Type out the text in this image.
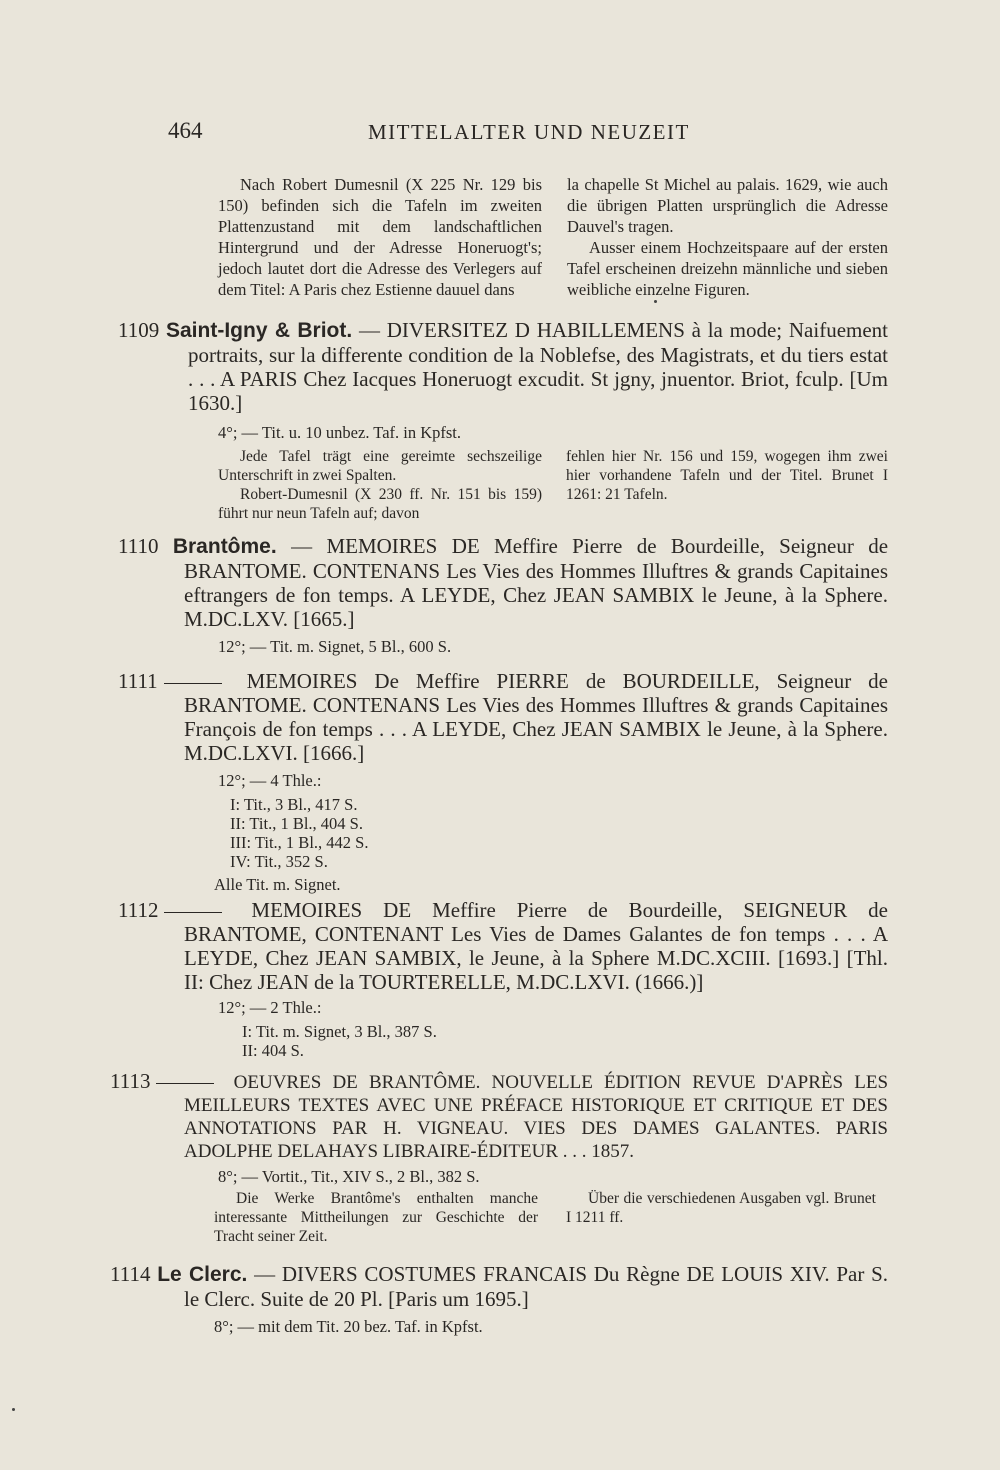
464	MITTELALTER UND NEUZEIT

Nach Robert Dumesnil (X 225 Nr. 129 bis 150) befinden sich die Tafeln im zweiten Plattenzustand mit dem landschaftlichen Hintergrund und der Adresse Honeruogt's; jedoch lautet dort die Adresse des Verlegers auf dem Titel: A Paris chez Estienne dauuel dans

la chapelle St Michel au palais. 1629, wie auch die übrigen Platten ursprünglich die Adresse Dauvel's tragen.

Ausser einem Hochzeitspaare auf der ersten Tafel erscheinen dreizehn männliche und sieben weibliche einzelne Figuren.

1109 Saint-Igny & Briot. — DIVERSITEZ D HABILLEMENS à la mode; Naifuement portraits, sur la differente condition de la Noblefse, des Magistrats, et du tiers estat . . . A PARIS Chez Iacques Honeruogt excudit. St jgny, jnuentor. Briot, fculp. [Um 1630.]
4°; — Tit. u. 10 unbez. Taf. in Kpfst.
Jede Tafel trägt eine gereimte sechszeilige Unterschrift in zwei Spalten.
Robert-Dumesnil (X 230 ff. Nr. 151 bis 159) führt nur neun Tafeln auf; davon
fehlen hier Nr. 156 und 159, wogegen ihm zwei hier vorhandene Tafeln und der Titel. Brunet I 1261: 21 Tafeln.
1110 Brantôme. — MEMOIRES DE Meffire Pierre de Bourdeille, Seigneur de BRANTOME. CONTENANS Les Vies des Hommes Illuftres & grands Capitaines eftrangers de fon temps. A LEYDE, Chez JEAN SAMBIX le Jeune, à la Sphere. M.DC.LXV. [1665.]
12°; — Tit. m. Signet, 5 Bl., 600 S.
1111	MEMOIRES De Meffire PIERRE de BOURDEILLE, Seigneur de BRANTOME. CONTENANS Les Vies des Hommes Illuftres & grands Capitaines François de fon temps . . . A LEYDE, Chez JEAN SAMBIX le Jeune, à la Sphere. M.DC.LXVI. [1666.]
12°; — 4 Thle.:
I: Tit., 3 Bl., 417 S.
II: Tit., 1 Bl., 404 S.
III: Tit., 1 Bl., 442 S.
IV: Tit., 352 S.
Alle Tit. m. Signet.
1112	MEMOIRES DE Meffire Pierre de Bourdeille, SEIGNEUR de BRANTOME, CONTENANT Les Vies de Dames Galantes de fon temps . . . A LEYDE, Chez JEAN SAMBIX, le Jeune, à la Sphere M.DC.XCIII. [1693.] [Thl. II: Chez JEAN de la TOURTERELLE, M.DC.LXVI. (1666.)]
12°; — 2 Thle.:
I: Tit. m. Signet, 3 Bl., 387 S.
II: 404 S.
1113	OEUVRES DE BRANTÔME. NOUVELLE ÉDITION REVUE D'APRÈS LES MEILLEURS TEXTES AVEC UNE PRÉFACE HISTORIQUE ET CRITIQUE ET DES ANNOTATIONS PAR H. VIGNEAU. VIES DES DAMES GALANTES. PARIS ADOLPHE DELAHAYS LIBRAIRE-ÉDITEUR . . . 1857.
8°; — Vortit., Tit., XIV S., 2 Bl., 382 S.
Die Werke Brantôme's enthalten manche interessante Mittheilungen zur Geschichte der Tracht seiner Zeit.
Über die verschiedenen Ausgaben vgl. Brunet I 1211 ff.
1114 Le Clerc. — DIVERS COSTUMES FRANCAIS Du Règne DE LOUIS XIV. Par S. le Clerc. Suite de 20 Pl. [Paris um 1695.]
8°; — mit dem Tit. 20 bez. Taf. in Kpfst.
